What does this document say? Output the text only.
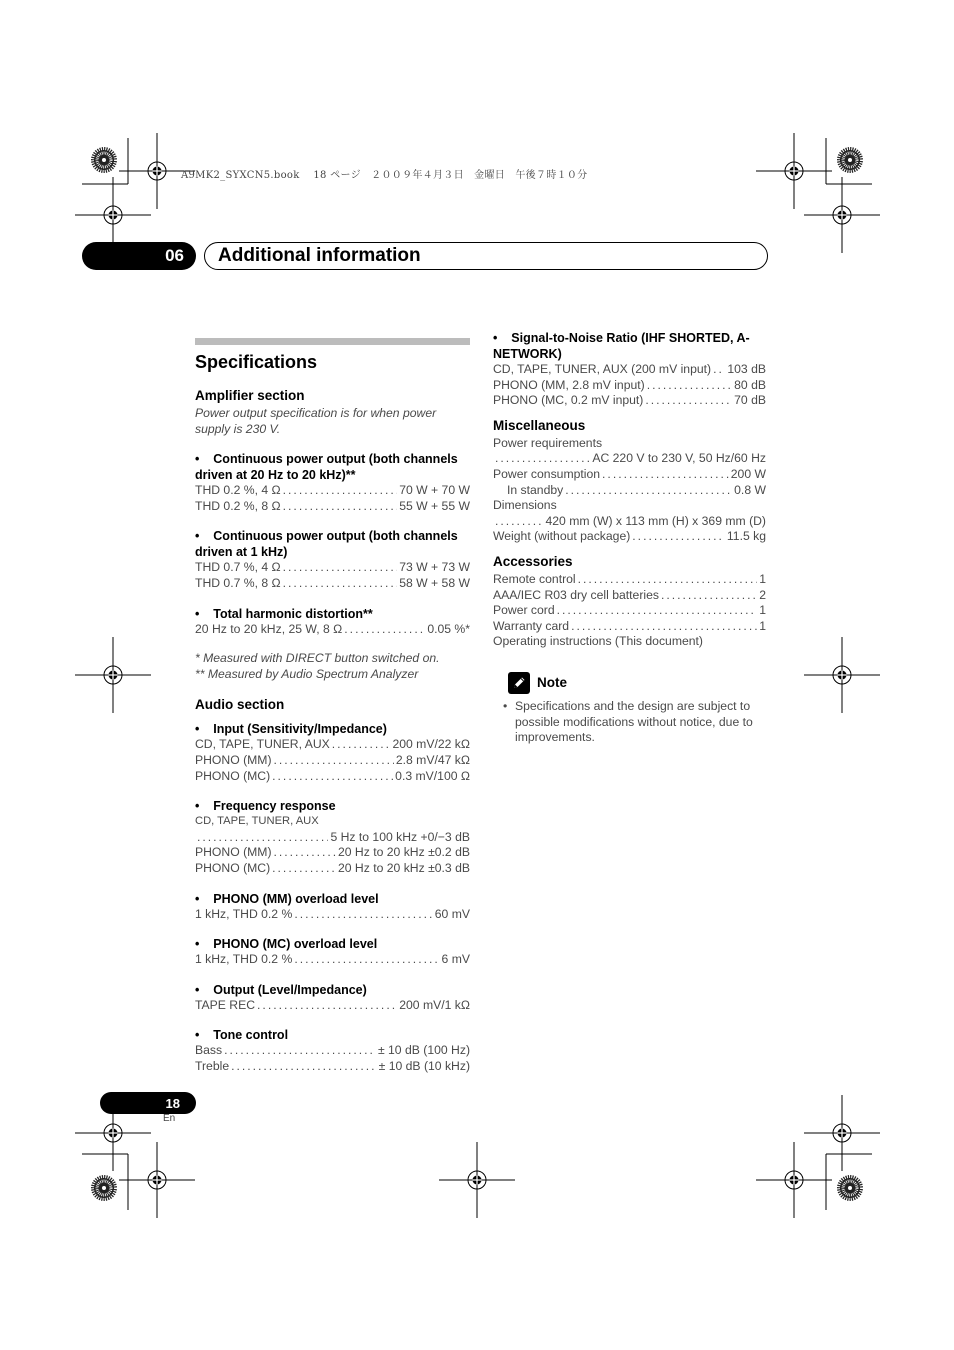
A9MK2_SYXCN5.book　 18 ページ　２００９年４月３日　金曜日　午後７時１０分
06 Additional information
Specifications
Amplifier section
Power output specification is for when power supply is 230 V.
•    Continuous power output (both channels driven at 20 Hz to 20 kHz)**
THD 0.2 %, 4 Ω .....	70 W + 70 W
THD 0.2 %, 8 Ω .....	55 W + 55 W
•    Continuous power output (both channels driven at 1 kHz)
THD 0.7 %, 4 Ω .....	73 W + 73 W
THD 0.7 %, 8 Ω .....	58 W + 58 W
•    Total harmonic distortion**
20 Hz to 20 kHz, 25 W, 8 Ω .....	0.05 %*
* Measured with DIRECT button switched on.
** Measured by Audio Spectrum Analyzer
Audio section
•    Input (Sensitivity/Impedance)
CD, TAPE, TUNER, AUX .....	200 mV/22 kΩ
PHONO (MM) .....	2.8 mV/47 kΩ
PHONO (MC) .....	0.3 mV/100 Ω
•    Frequency response
CD, TAPE, TUNER, AUX
.....
5 Hz to 100 kHz +0/−3 dB
PHONO (MM) .....	20 Hz to 20 kHz ±0.2 dB
PHONO (MC) .....	20 Hz to 20 kHz ±0.3 dB
•    PHONO (MM) overload level
1 kHz, THD 0.2 % .....	60 mV
•    PHONO (MC) overload level
1 kHz, THD 0.2 % .....	6 mV
•    Output (Level/Impedance)
TAPE REC .....	200 mV/1 kΩ
•    Tone control
Bass .....	± 10 dB (100 Hz)
Treble .....	± 10 dB (10 kHz)
•    Signal-to-Noise Ratio (IHF SHORTED, A-NETWORK)
CD, TAPE, TUNER, AUX (200 mV input) ..... 103 dB
PHONO (MM, 2.8 mV input) .....	80 dB
PHONO (MC, 0.2 mV input) .....	70 dB
Miscellaneous
Power requirements
.....
AC 220 V to 230 V, 50 Hz/60 Hz
Power consumption .....	200 W
In standby .....	0.8 W
Dimensions
.....
420 mm (W) x 113 mm (H) x 369 mm (D)
Weight (without package) .....	11.5 kg
Accessories
Remote control .....	1
AAA/IEC R03 dry cell batteries .....	2
Power cord .....	1
Warranty card .....	1
Operating instructions (This document)
Note
• Specifications and the design are subject to possible modifications without notice, due to improvements.
18
En
